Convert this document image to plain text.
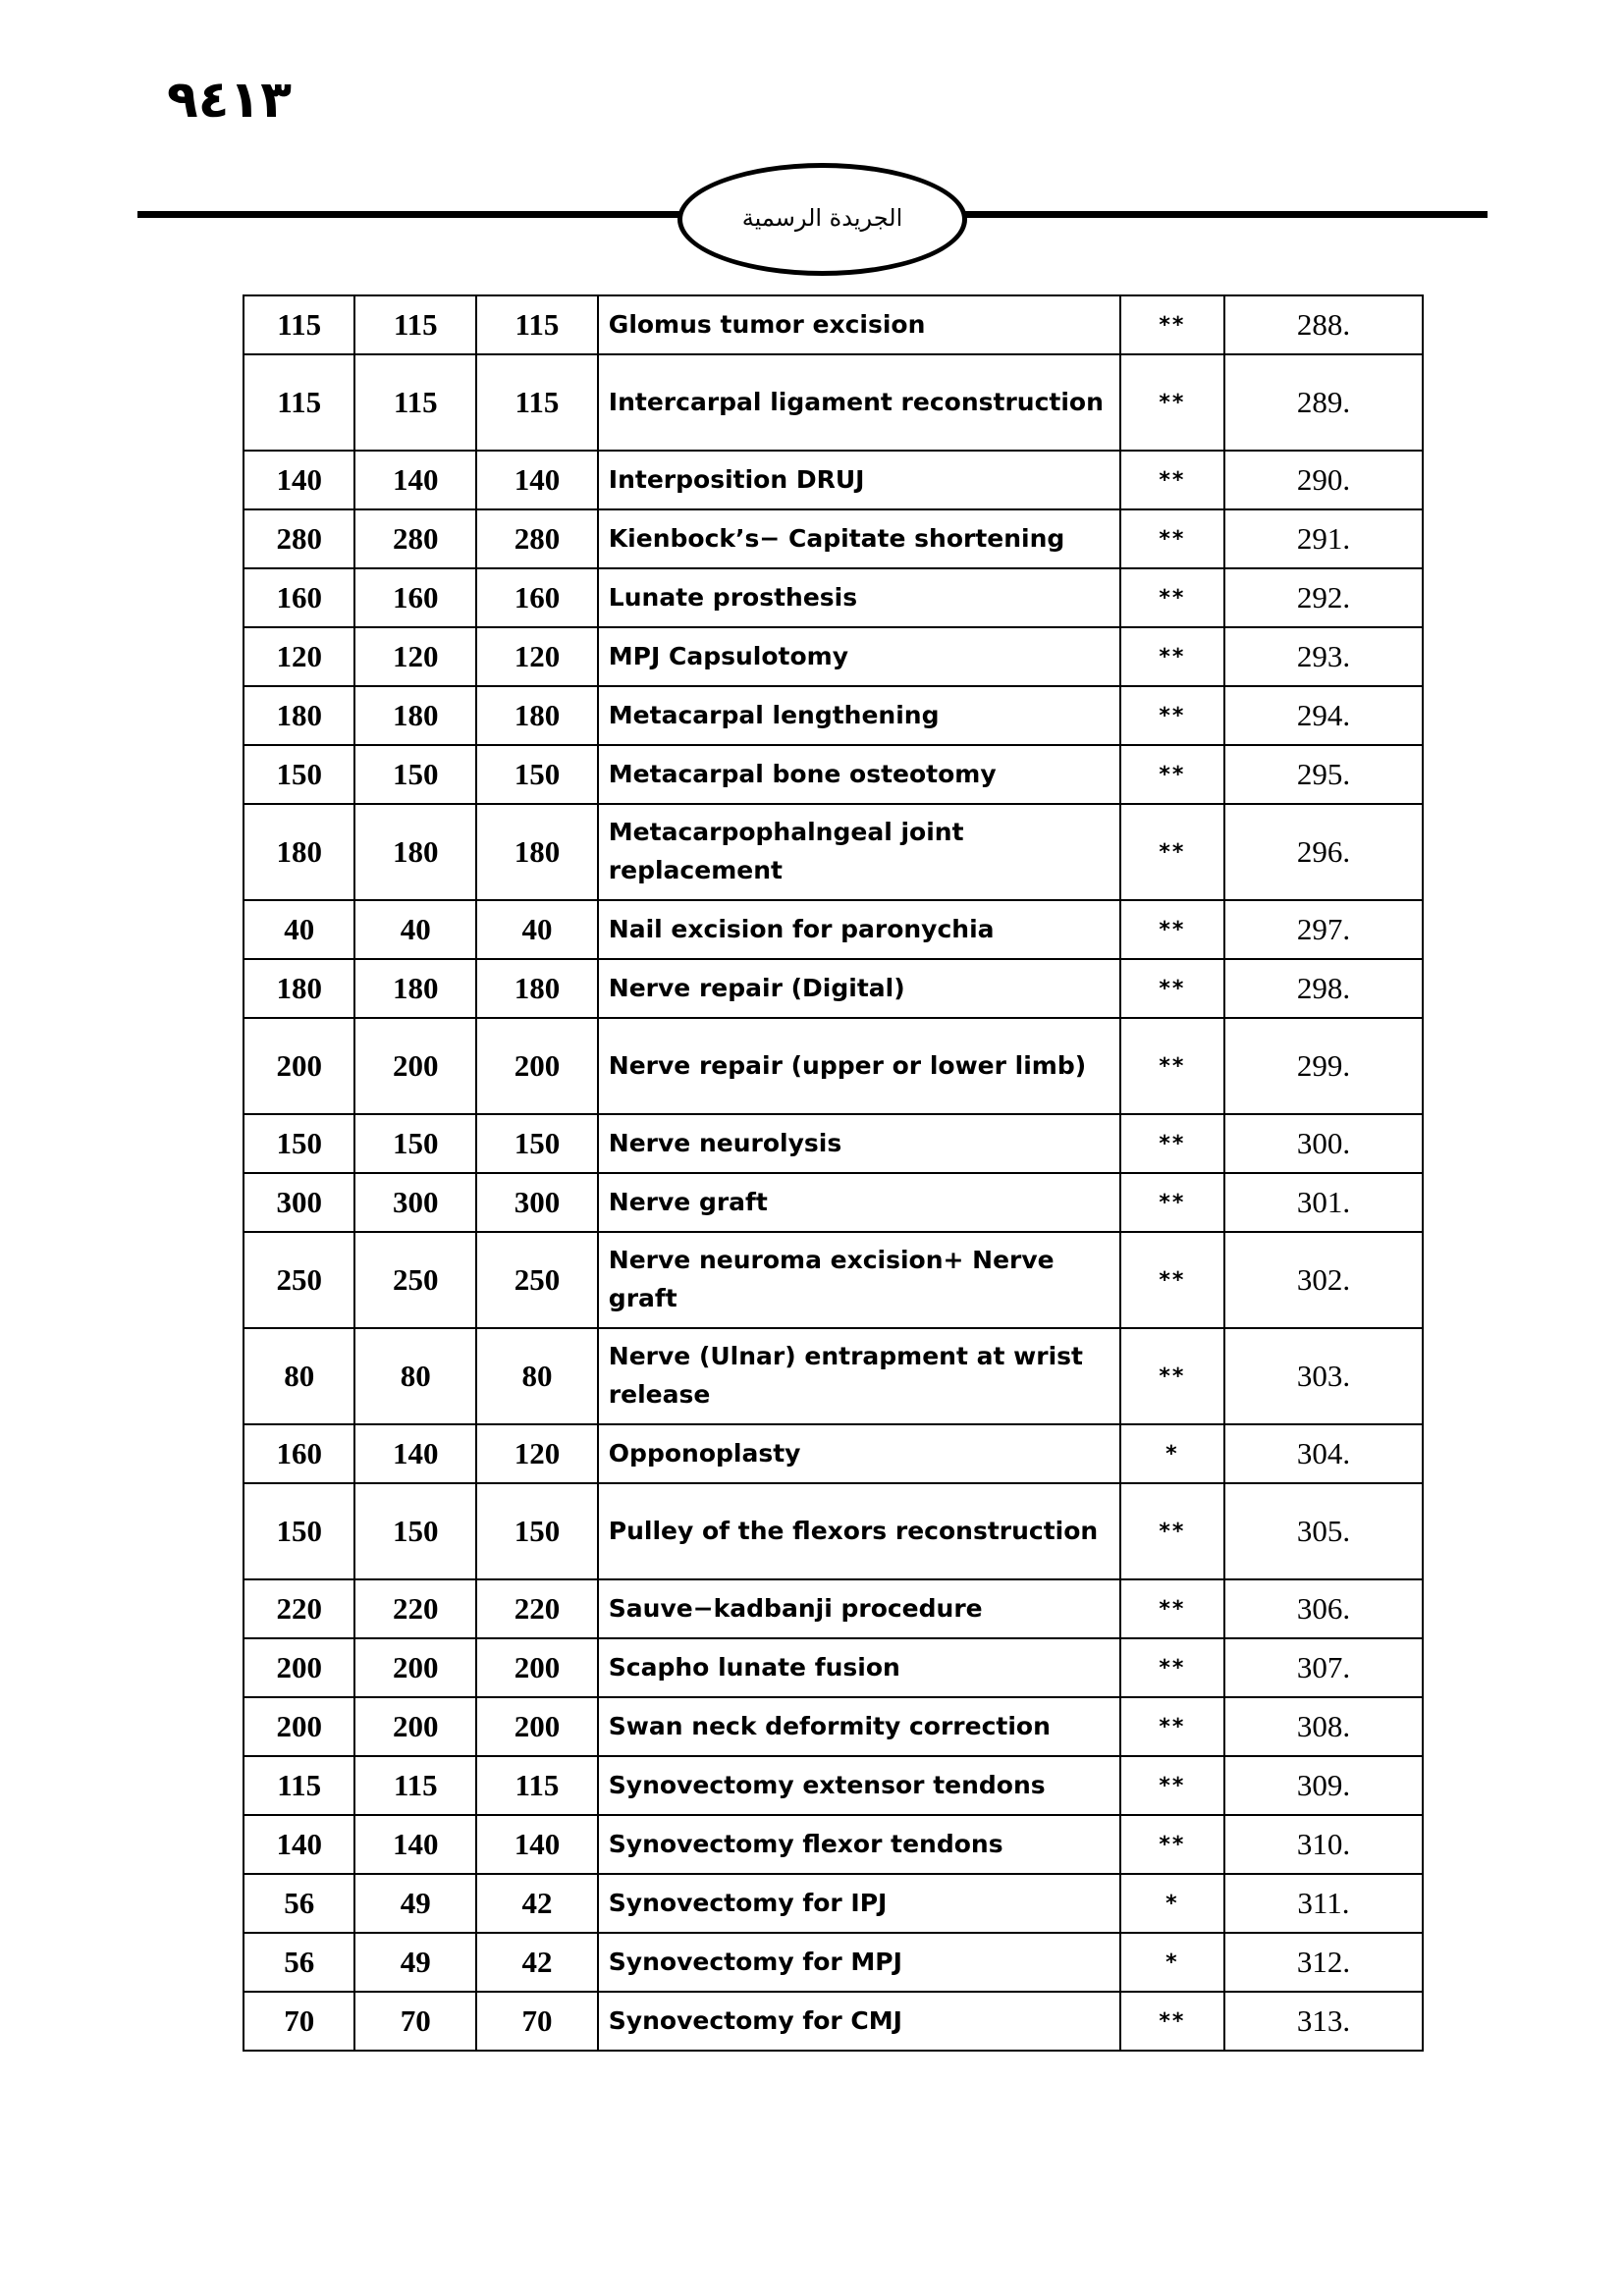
٣١٤٩
الجريدة الرسمية
115	115	115	Glomus tumor excision	**	288.
115	115	115	Intercarpal ligament reconstruction	**	289.
140	140	140	Interposition DRUJ	**	290.
280	280	280	Kienbock’s− Capitate shortening	**	291.
160	160	160	Lunate prosthesis	**	292.
120	120	120	MPJ Capsulotomy	**	293.
180	180	180	Metacarpal lengthening	**	294.
150	150	150	Metacarpal bone osteotomy	**	295.
180	180	180	Metacarpophalngeal joint replacement	**	296.
40	40	40	Nail excision for paronychia	**	297.
180	180	180	Nerve repair (Digital)	**	298.
200	200	200	Nerve repair (upper or lower limb)	**	299.
150	150	150	Nerve neurolysis	**	300.
300	300	300	Nerve graft	**	301.
250	250	250	Nerve neuroma excision+ Nerve graft	**	302.
80	80	80	Nerve (Ulnar) entrapment at wrist release	**	303.
160	140	120	Opponoplasty	*	304.
150	150	150	Pulley of the flexors reconstruction	**	305.
220	220	220	Sauve−kadbanji procedure	**	306.
200	200	200	Scapho lunate fusion	**	307.
200	200	200	Swan neck deformity correction	**	308.
115	115	115	Synovectomy extensor tendons	**	309.
140	140	140	Synovectomy flexor tendons	**	310.
56	49	42	Synovectomy for IPJ	*	311.
56	49	42	Synovectomy for MPJ	*	312.
70	70	70	Synovectomy for CMJ	**	313.
